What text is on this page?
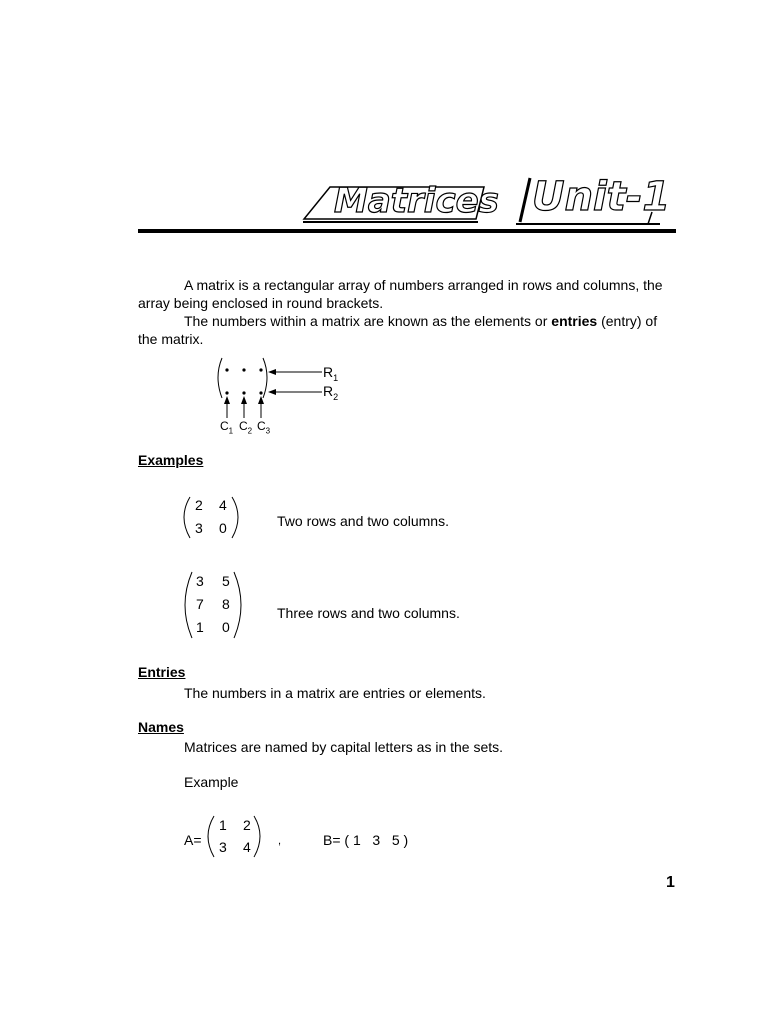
Matrices Unit-1
A matrix is a rectangular array of numbers arranged in rows and columns, the array being enclosed in round brackets.
The numbers within a matrix are known as the elements or entries (entry) of the matrix.
$R_1$
$R_2$
$C_1$ $C_2$ $C_3$
Examples
2 4
3 0	Two rows and two columns.
3 5
7 8
1 0
Three rows and two columns.
Entries
The numbers in a matrix are entries or elements.
Names
Matrices are named by capital letters as in the sets.
Example
A=
1 2
3 4 ,	B= ( 1   3   5 )
1
